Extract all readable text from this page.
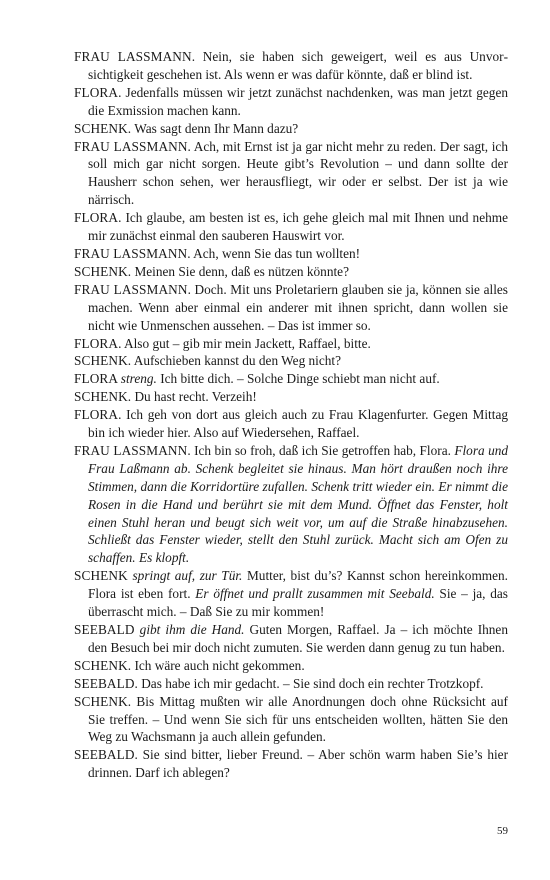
FRAU LASSMANN. Nein, sie haben sich geweigert, weil es aus Unvorsichtigkeit geschehen ist. Als wenn er was dafür könnte, daß er blind ist.

FLORA. Jedenfalls müssen wir jetzt zunächst nachdenken, was man jetzt gegen die Exmission machen kann.

SCHENK. Was sagt denn Ihr Mann dazu?

FRAU LASSMANN. Ach, mit Ernst ist ja gar nicht mehr zu reden. Der sagt, ich soll mich gar nicht sorgen. Heute gibt’s Revolution – und dann sollte der Hausherr schon sehen, wer herausfliegt, wir oder er selbst. Der ist ja wie närrisch.

FLORA. Ich glaube, am besten ist es, ich gehe gleich mal mit Ihnen und nehme mir zunächst einmal den sauberen Hauswirt vor.

FRAU LASSMANN. Ach, wenn Sie das tun wollten!

SCHENK. Meinen Sie denn, daß es nützen könnte?

FRAU LASSMANN. Doch. Mit uns Proletariern glauben sie ja, können sie alles machen. Wenn aber einmal ein anderer mit ihnen spricht, dann wollen sie nicht wie Unmenschen aussehen. – Das ist immer so.

FLORA. Also gut – gib mir mein Jackett, Raffael, bitte.

SCHENK. Aufschieben kannst du den Weg nicht?

FLORA streng. Ich bitte dich. – Solche Dinge schiebt man nicht auf.

SCHENK. Du hast recht. Verzeih!

FLORA. Ich geh von dort aus gleich auch zu Frau Klagenfurter. Gegen Mittag bin ich wieder hier. Also auf Wiedersehen, Raffael.

FRAU LASSMANN. Ich bin so froh, daß ich Sie getroffen hab, Flora. Flora und Frau Laßmann ab. Schenk begleitet sie hinaus. Man hört draußen noch ihre Stimmen, dann die Korridortüre zufallen. Schenk tritt wieder ein. Er nimmt die Rosen in die Hand und berührt sie mit dem Mund. Öffnet das Fenster, holt einen Stuhl heran und beugt sich weit vor, um auf die Straße hinabzusehen. Schließt das Fenster wieder, stellt den Stuhl zurück. Macht sich am Ofen zu schaffen. Es klopft.

SCHENK springt auf, zur Tür. Mutter, bist du’s? Kannst schon hereinkommen. Flora ist eben fort. Er öffnet und prallt zusammen mit Seebald. Sie – ja, das überrascht mich. – Daß Sie zu mir kommen!

SEEBALD gibt ihm die Hand. Guten Morgen, Raffael. Ja – ich möchte Ihnen den Besuch bei mir doch nicht zumuten. Sie werden dann genug zu tun haben.

SCHENK. Ich wäre auch nicht gekommen.

SEEBALD. Das habe ich mir gedacht. – Sie sind doch ein rechter Trotzkopf.

SCHENK. Bis Mittag mußten wir alle Anordnungen doch ohne Rücksicht auf Sie treffen. – Und wenn Sie sich für uns entscheiden wollten, hätten Sie den Weg zu Wachsmann ja auch allein gefunden.

SEEBALD. Sie sind bitter, lieber Freund. – Aber schön warm haben Sie’s hier drinnen. Darf ich ablegen?

59
